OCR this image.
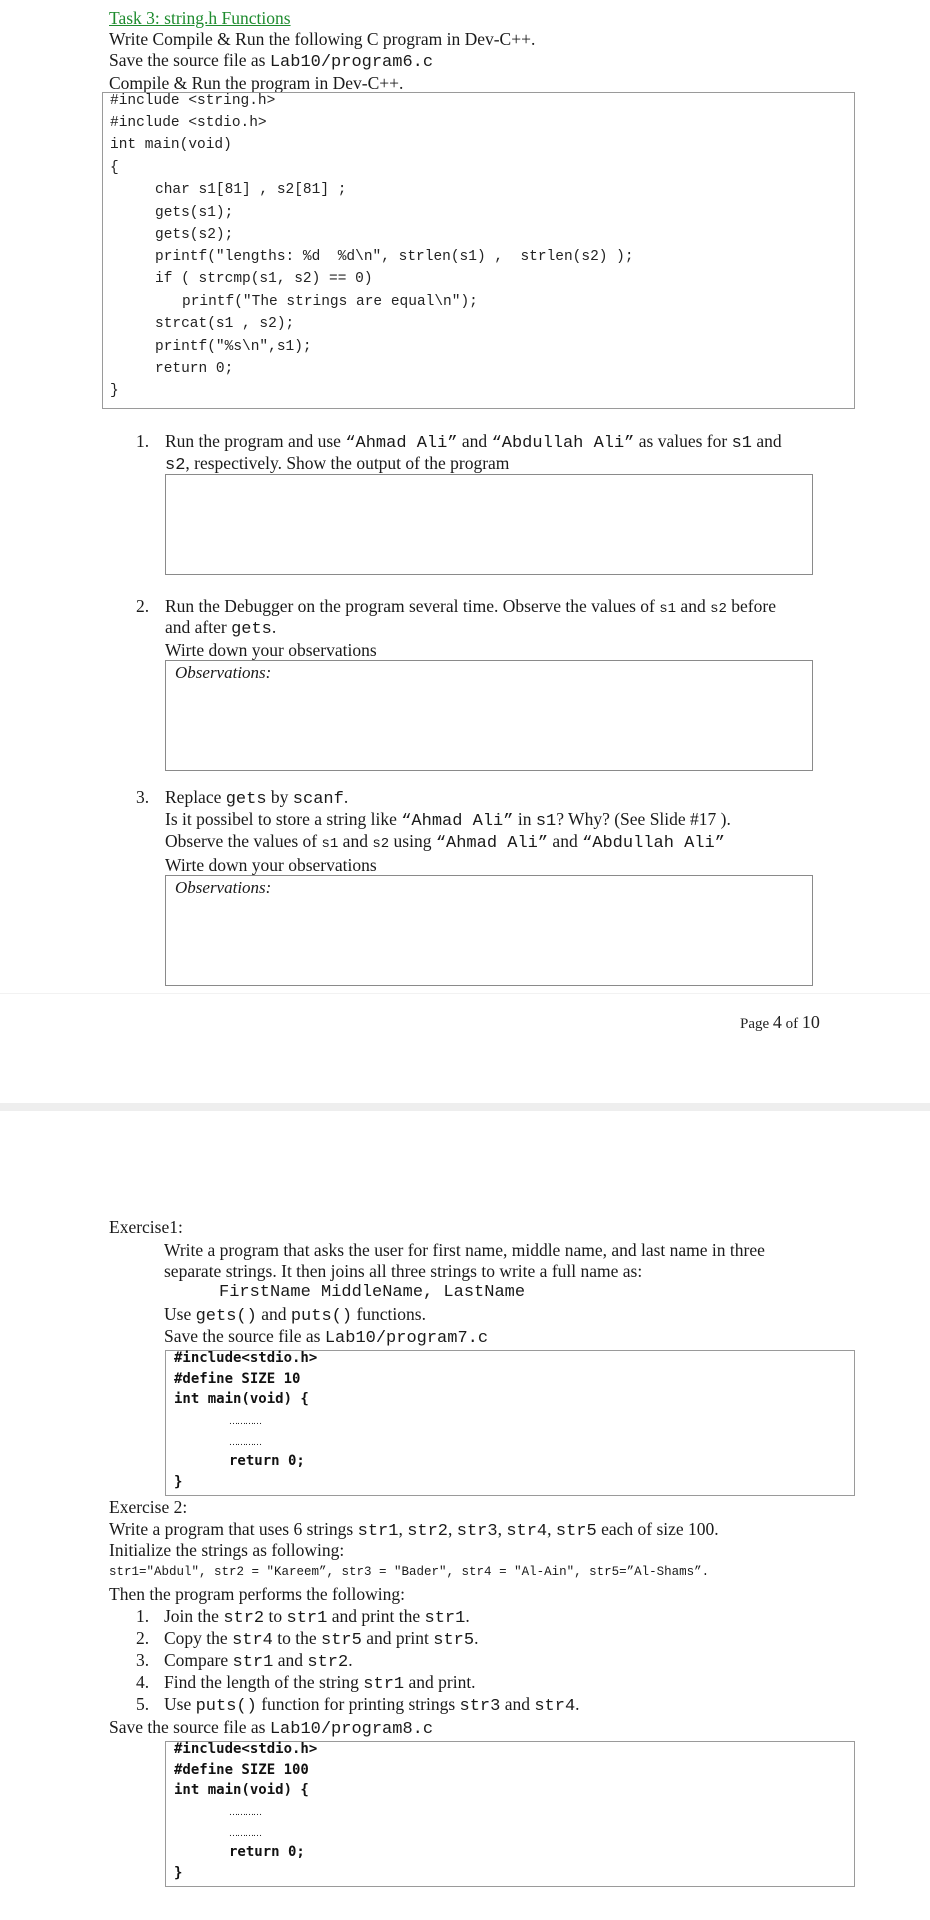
Task 3: string.h Functions
Write Compile & Run the following C program in Dev-C++.
Save the source file as Lab10/program6.c
Compile & Run the program in Dev-C++.
#include <string.h>
#include <stdio.h>
int main(void)
{
char s1[81] , s2[81] ;
gets(s1);
gets(s2);
printf("lengths: %d  %d\n", strlen(s1) ,  strlen(s2) );
if ( strcmp(s1, s2) == 0)
printf("The strings are equal\n");
strcat(s1 , s2);
printf("%s\n",s1);
return 0;
}
1. Run the program and use “Ahmad Ali” and “Abdullah Ali” as values for s1 and
s2, respectively. Show the output of the program
2. Run the Debugger on the program several time. Observe the values of s1 and s2 before
and after gets.
Wirte down your observations
Observations:
3. Replace gets by scanf.
Is it possibel to store a string like “Ahmad Ali” in s1? Why? (See Slide #17 ).
Observe the values of s1 and s2 using “Ahmad Ali” and “Abdullah Ali”
Wirte down your observations
Observations:
Page 4 of 10
Exercise1:
Write a program that asks the user for first name, middle name, and last name in three
separate strings. It then joins all three strings to write a full name as:
FirstName MiddleName, LastName
Use gets() and puts() functions.
Save the source file as Lab10/program7.c
#include<stdio.h>
#define SIZE 10
int main(void) {
…………
…………
return 0;
}
Exercise 2:
Write a program that uses 6 strings str1, str2, str3, str4, str5 each of size 100.
Initialize the strings as following:
str1="Abdul", str2 = "Kareem”, str3 = "Bader", str4 = "Al-Ain", str5=”Al-Shams”.
Then the program performs the following:
1. Join the str2 to str1 and print the str1.
2. Copy the str4 to the str5 and print str5.
3. Compare str1 and str2.
4. Find the length of the string str1 and print.
5. Use puts() function for printing strings str3 and str4.
Save the source file as Lab10/program8.c
#include<stdio.h>
#define SIZE 100
int main(void) {
…………
…………
return 0;
}
